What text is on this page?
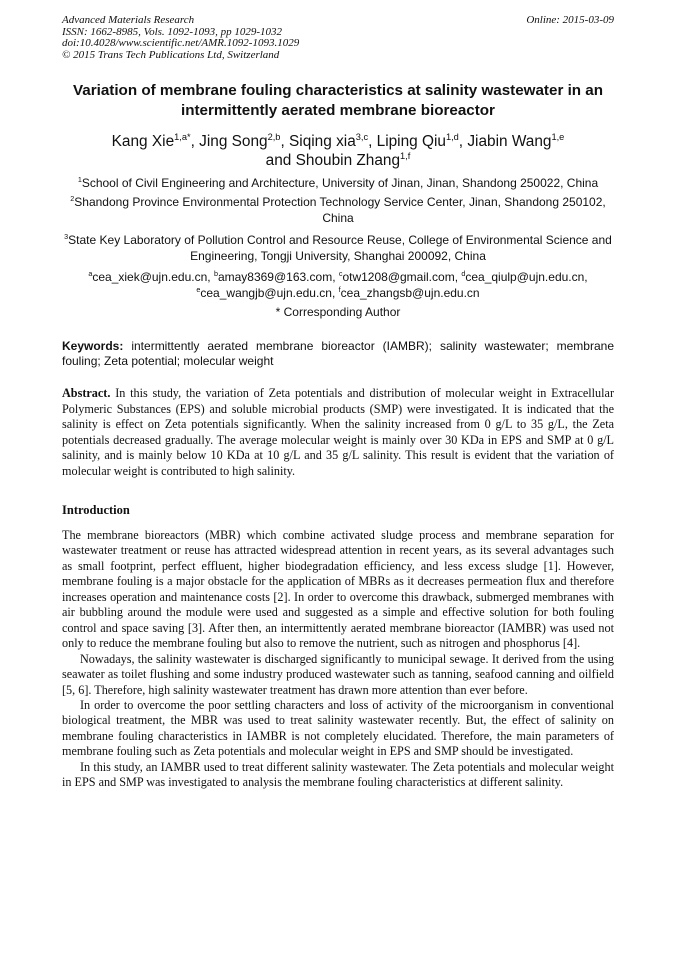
Advanced Materials Research
ISSN: 1662-8985, Vols. 1092-1093, pp 1029-1032
doi:10.4028/www.scientific.net/AMR.1092-1093.1029
© 2015 Trans Tech Publications Ltd, Switzerland
Online: 2015-03-09
Variation of membrane fouling characteristics at salinity wastewater in an intermittently aerated membrane bioreactor
Kang Xie$^{1,a*}$, Jing Song$^{2,b}$, Siqing xia$^{3,c}$, Liping Qiu$^{1,d}$, Jiabin Wang$^{1,e}$
and Shoubin Zhang$^{1,f}$
$^1$School of Civil Engineering and Architecture, University of Jinan, Jinan, Shandong 250022, China
$^2$Shandong Province Environmental Protection Technology Service Center, Jinan, Shandong 250102, China
$^3$State Key Laboratory of Pollution Control and Resource Reuse, College of Environmental Science and Engineering, Tongji University, Shanghai 200092, China
$^a$cea_xiek@ujn.edu.cn, $^b$amay8369@163.com, $^c$otw1208@gmail.com, $^d$cea_qiulp@ujn.edu.cn,
$^e$cea_wangjb@ujn.edu.cn, $^f$cea_zhangsb@ujn.edu.cn
* Corresponding Author
Keywords: intermittently aerated membrane bioreactor (IAMBR); salinity wastewater; membrane fouling; Zeta potential; molecular weight

Abstract. In this study, the variation of Zeta potentials and distribution of molecular weight in Extracellular Polymeric Substances (EPS) and soluble microbial products (SMP) were investigated. It is indicated that the salinity is effect on Zeta potentials significantly. When the salinity increased from 0 g/L to 35 g/L, the Zeta potentials decreased gradually. The average molecular weight is mainly over 30 KDa in EPS and SMP at 0 g/L salinity, and is mainly below 10 KDa at 10 g/L and 35 g/L salinity. This result is evident that the variation of molecular weight is contributed to high salinity.

Introduction

The membrane bioreactors (MBR) which combine activated sludge process and membrane separation for wastewater treatment or reuse has attracted widespread attention in recent years, as its several advantages such as small footprint, perfect effluent, higher biodegradation efficiency, and less excess sludge [1]. However, membrane fouling is a major obstacle for the application of MBRs as it decreases permeation flux and therefore increases operation and maintenance costs [2]. In order to overcome this drawback, submerged membranes with air bubbling around the module were used and suggested as a simple and effective solution for both fouling control and space saving [3]. After then, an intermittently aerated membrane bioreactor (IAMBR) was used not only to reduce the membrane fouling but also to remove the nutrient, such as nitrogen and phosphorus [4].

Nowadays, the salinity wastewater is discharged significantly to municipal sewage. It derived from the using seawater as toilet flushing and some industry produced wastewater such as tanning, seafood canning and oilfield [5, 6]. Therefore, high salinity wastewater treatment has drawn more attention than ever before.

In order to overcome the poor settling characters and loss of activity of the microorganism in conventional biological treatment, the MBR was used to treat salinity wastewater recently. But, the effect of salinity on membrane fouling characteristics in IAMBR is not completely elucidated. Therefore, the main parameters of membrane fouling such as Zeta potentials and molecular weight in EPS and SMP should be investigated.

In this study, an IAMBR used to treat different salinity wastewater. The Zeta potentials and molecular weight in EPS and SMP was investigated to analysis the membrane fouling characteristics at different salinity.
